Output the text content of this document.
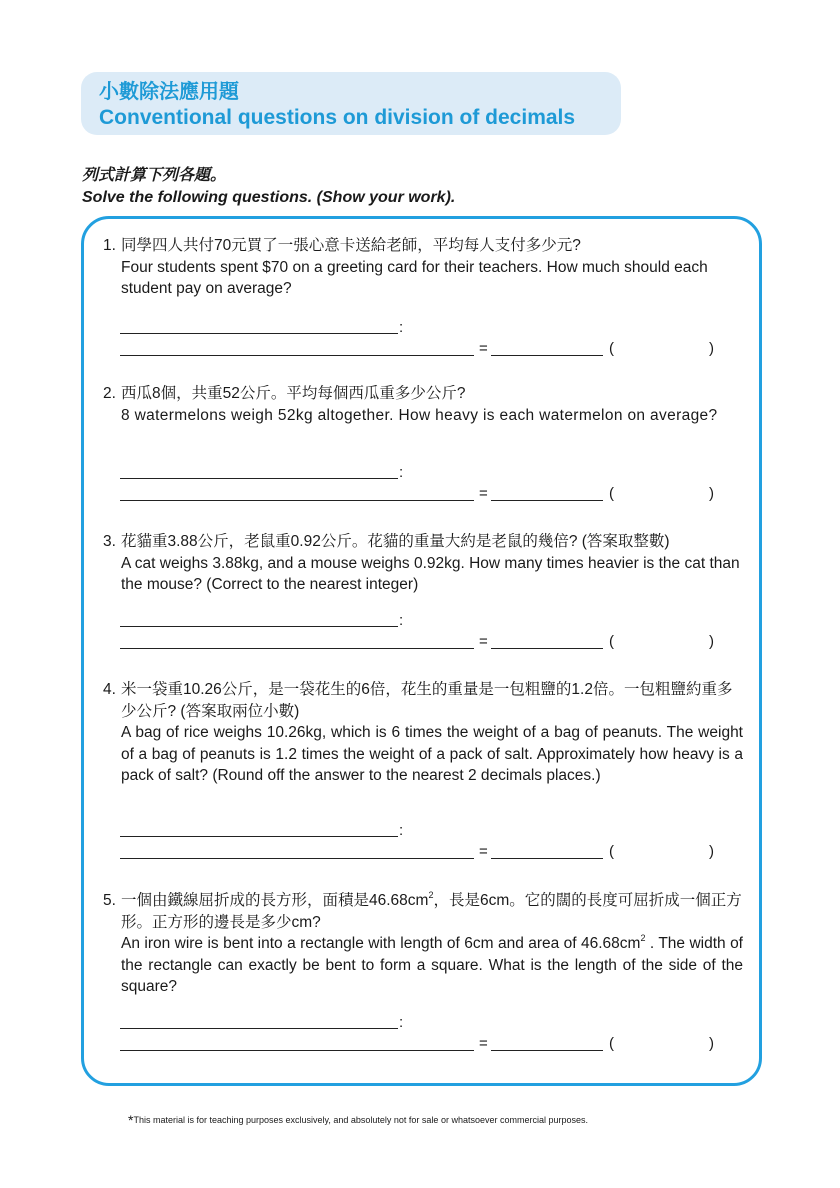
小數除法應用題
Conventional questions on division of decimals
列式計算下列各題。
Solve the following questions. (Show your work).
1. 同學四人共付70元買了一張心意卡送給老師，平均每人支付多少元?
Four students spent $70 on a greeting card for their teachers. How much should each student pay on average?
:
=	(	)
2. 西瓜8個，共重52公斤。平均每個西瓜重多少公斤?
8 watermelons weigh 52kg altogether. How heavy is each watermelon on average?
:
=	(	)
3. 花貓重3.88公斤，老鼠重0.92公斤。花貓的重量大約是老鼠的幾倍? (答案取整數)
A cat weighs 3.88kg, and a mouse weighs 0.92kg. How many times heavier is the cat than the mouse? (Correct to the nearest integer)
:
=	(	)
4. 米一袋重10.26公斤，是一袋花生的6倍，花生的重量是一包粗鹽的1.2倍。一包粗鹽約重多少公斤? (答案取兩位小數)
A bag of rice weighs 10.26kg, which is 6 times the weight of a bag of peanuts. The weight of a bag of peanuts is 1.2 times the weight of a pack of salt. Approximately how heavy is a pack of salt? (Round off the answer to the nearest 2 decimals places.)
:
=	(	)
5. 一個由鐵線屈折成的長方形，面積是$46.68cm^2$，長是6cm。它的闊的長度可屈折成一個正方形。正方形的邊長是多少cm?
An iron wire is bent into a rectangle with length of 6cm and area of $46.68cm^2$ . The width of the rectangle can exactly be bent to form a square. What is the length of the side of the square?
:
=	(	)
*This material is for teaching purposes exclusively, and absolutely not for sale or whatsoever commercial purposes.
